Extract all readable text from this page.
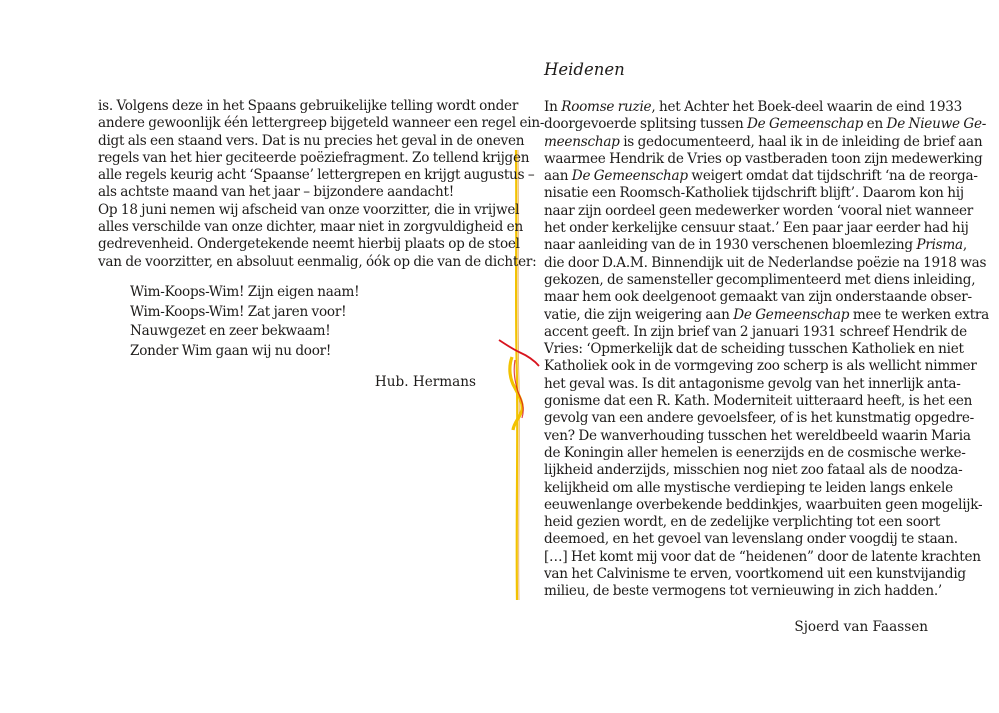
is. Volgens deze in het Spaans gebruikelijke telling wordt onder
andere gewoonlijk één lettergreep bijgeteld wanneer een regel ein-
digt als een staand vers. Dat is nu precies het geval in de oneven
regels van het hier geciteerde poëziefragment. Zo tellend krijgen
alle regels keurig acht ‘Spaanse’ lettergrepen en krijgt augustus –
als achtste maand van het jaar – bijzondere aandacht!
Op 18 juni nemen wij afscheid van onze voorzitter, die in vrijwel
alles verschilde van onze dichter, maar niet in zorgvuldigheid en
gedrevenheid. Ondergetekende neemt hierbij plaats op de stoel
van de voorzitter, en absoluut eenmalig, óók op die van de dichter:
Wim-Koops-Wim! Zijn eigen naam!
Wim-Koops-Wim! Zat jaren voor!
Nauwgezet en zeer bekwaam!
Zonder Wim gaan wij nu door!
Hub. Hermans
Heidenen
In Roomse ruzie, het Achter het Boek-deel waarin de eind 1933
doorgevoerde splitsing tussen De Gemeenschap en De Nieuwe Ge-
meenschap is gedocumenteerd, haal ik in de inleiding de brief aan
waarmee Hendrik de Vries op vastberaden toon zijn medewerking
aan De Gemeenschap weigert omdat dat tijdschrift ‘na de reorga-
nisatie een Roomsch-Katholiek tijdschrift blijft’. Daarom kon hij
naar zijn oordeel geen medewerker worden ‘vooral niet wanneer
het onder kerkelijke censuur staat.’ Een paar jaar eerder had hij
naar aanleiding van de in 1930 verschenen bloemlezing Prisma,
die door D.A.M. Binnendijk uit de Nederlandse poëzie na 1918 was
gekozen, de samensteller gecomplimenteerd met diens inleiding,
maar hem ook deelgenoot gemaakt van zijn onderstaande obser-
vatie, die zijn weigering aan De Gemeenschap mee te werken extra
accent geeft. In zijn brief van 2 januari 1931 schreef Hendrik de
Vries: ‘Opmerkelijk dat de scheiding tusschen Katholiek en niet
Katholiek ook in de vormgeving zoo scherp is als wellicht nimmer
het geval was. Is dit antagonisme gevolg van het innerlijk anta-
gonisme dat een R. Kath. Moderniteit uitteraard heeft, is het een
gevolg van een andere gevoelsfeer, of is het kunstmatig opgedre-
ven? De wanverhouding tusschen het wereldbeeld waarin Maria
de Koningin aller hemelen is eenerzijds en de cosmische werke-
lijkheid anderzijds, misschien nog niet zoo fataal als de noodza-
kelijkheid om alle mystische verdieping te leiden langs enkele
eeuwenlange overbekende beddinkjes, waarbuiten geen mogelijk-
heid gezien wordt, en de zedelijke verplichting tot een soort
deemoed, en het gevoel van levenslang onder voogdij te staan.
[…] Het komt mij voor dat de “heidenen” door de latente krachten
van het Calvinisme te erven, voortkomend uit een kunstvijandig
milieu, de beste vermogens tot vernieuwing in zich hadden.’
Sjoerd van Faassen
